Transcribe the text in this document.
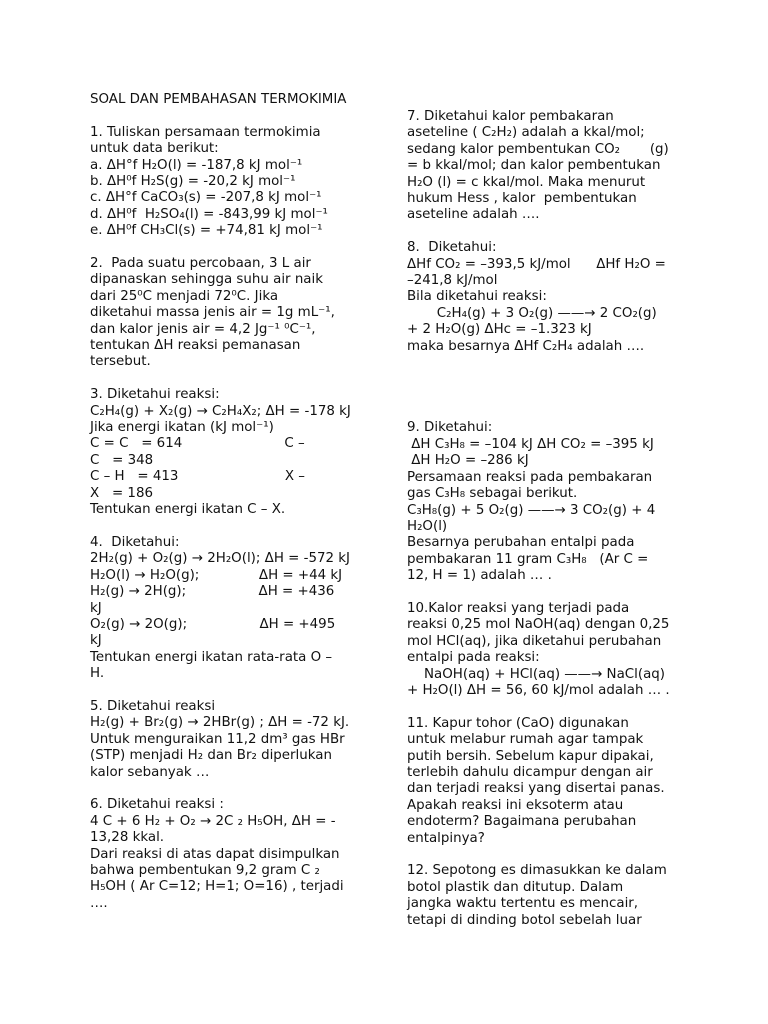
SOAL DAN PEMBAHASAN TERMOKIMIA
1. Tuliskan persamaan termokimia
untuk data berikut:
a. ΔH°f H₂O(l) = -187,8 kJ mol⁻¹
b. ΔH⁰f H₂S(g) = -20,2 kJ mol⁻¹
c. ΔH°f CaCO₃(s) = -207,8 kJ mol⁻¹
d. ΔH⁰f  H₂SO₄(l) = -843,99 kJ mol⁻¹
e. ΔH⁰f CH₃Cl(s) = +74,81 kJ mol⁻¹
2.  Pada suatu percobaan, 3 L air
dipanaskan sehingga suhu air naik
dari 25⁰C menjadi 72⁰C. Jika
diketahui massa jenis air = 1g mL⁻¹,
dan kalor jenis air = 4,2 Jg⁻¹ ⁰C⁻¹,
tentukan ΔH reaksi pemanasan
tersebut.
3. Diketahui reaksi:
C₂H₄(g) + X₂(g) → C₂H₄X₂; ΔH = -178 kJ
Jika energi ikatan (kJ mol⁻¹)
C = C   = 614                        C –
C   = 348
C – H   = 413                         X –
X   = 186
Tentukan energi ikatan C – X.
4.  Diketahui:
2H₂(g) + O₂(g) → 2H₂O(l); ΔH = -572 kJ
H₂O(l) → H₂O(g);              ΔH = +44 kJ
H₂(g) → 2H(g);                 ΔH = +436
kJ
O₂(g) → 2O(g);                 ΔH = +495
kJ
Tentukan energi ikatan rata-rata O –
H.
5. Diketahui reaksi
H₂(g) + Br₂(g) → 2HBr(g) ; ΔH = -72 kJ.
Untuk menguraikan 11,2 dm³ gas HBr
(STP) menjadi H₂ dan Br₂ diperlukan
kalor sebanyak …
6. Diketahui reaksi :
4 C + 6 H₂ + O₂ → 2C ₂ H₅OH, ΔH = -
13,28 kkal.
Dari reaksi di atas dapat disimpulkan
bahwa pembentukan 9,2 gram C ₂
H₅OH ( Ar C=12; H=1; O=16) , terjadi
….
7. Diketahui kalor pembakaran
aseteline ( C₂H₂) adalah a kkal/mol;
sedang kalor pembentukan CO₂       (g)
= b kkal/mol; dan kalor pembentukan
H₂O (l) = c kkal/mol. Maka menurut
hukum Hess , kalor  pembentukan
aseteline adalah ….
8.  Diketahui:
ΔHf CO₂ = –393,5 kJ/mol      ΔHf H₂O =
–241,8 kJ/mol
Bila diketahui reaksi:
C₂H₄(g) + 3 O₂(g) ——→ 2 CO₂(g)
+ 2 H₂O(g) ΔHc = –1.323 kJ
maka besarnya ΔHf C₂H₄ adalah ….
9. Diketahui:
ΔH C₃H₈ = –104 kJ ΔH CO₂ = –395 kJ
ΔH H₂O = –286 kJ
Persamaan reaksi pada pembakaran
gas C₃H₈ sebagai berikut.
C₃H₈(g) + 5 O₂(g) ——→ 3 CO₂(g) + 4
H₂O(l)
Besarnya perubahan entalpi pada
pembakaran 11 gram C₃H₈   (Ar C =
12, H = 1) adalah … .
10.Kalor reaksi yang terjadi pada
reaksi 0,25 mol NaOH(aq) dengan 0,25
mol HCl(aq), jika diketahui perubahan
entalpi pada reaksi:
NaOH(aq) + HCl(aq) ——→ NaCl(aq)
+ H₂O(l) ΔH = 56, 60 kJ/mol adalah … .
11. Kapur tohor (CaO) digunakan
untuk melabur rumah agar tampak
putih bersih. Sebelum kapur dipakai,
terlebih dahulu dicampur dengan air
dan terjadi reaksi yang disertai panas.
Apakah reaksi ini eksoterm atau
endoterm? Bagaimana perubahan
entalpinya?
12. Sepotong es dimasukkan ke dalam
botol plastik dan ditutup. Dalam
jangka waktu tertentu es mencair,
tetapi di dinding botol sebelah luar
